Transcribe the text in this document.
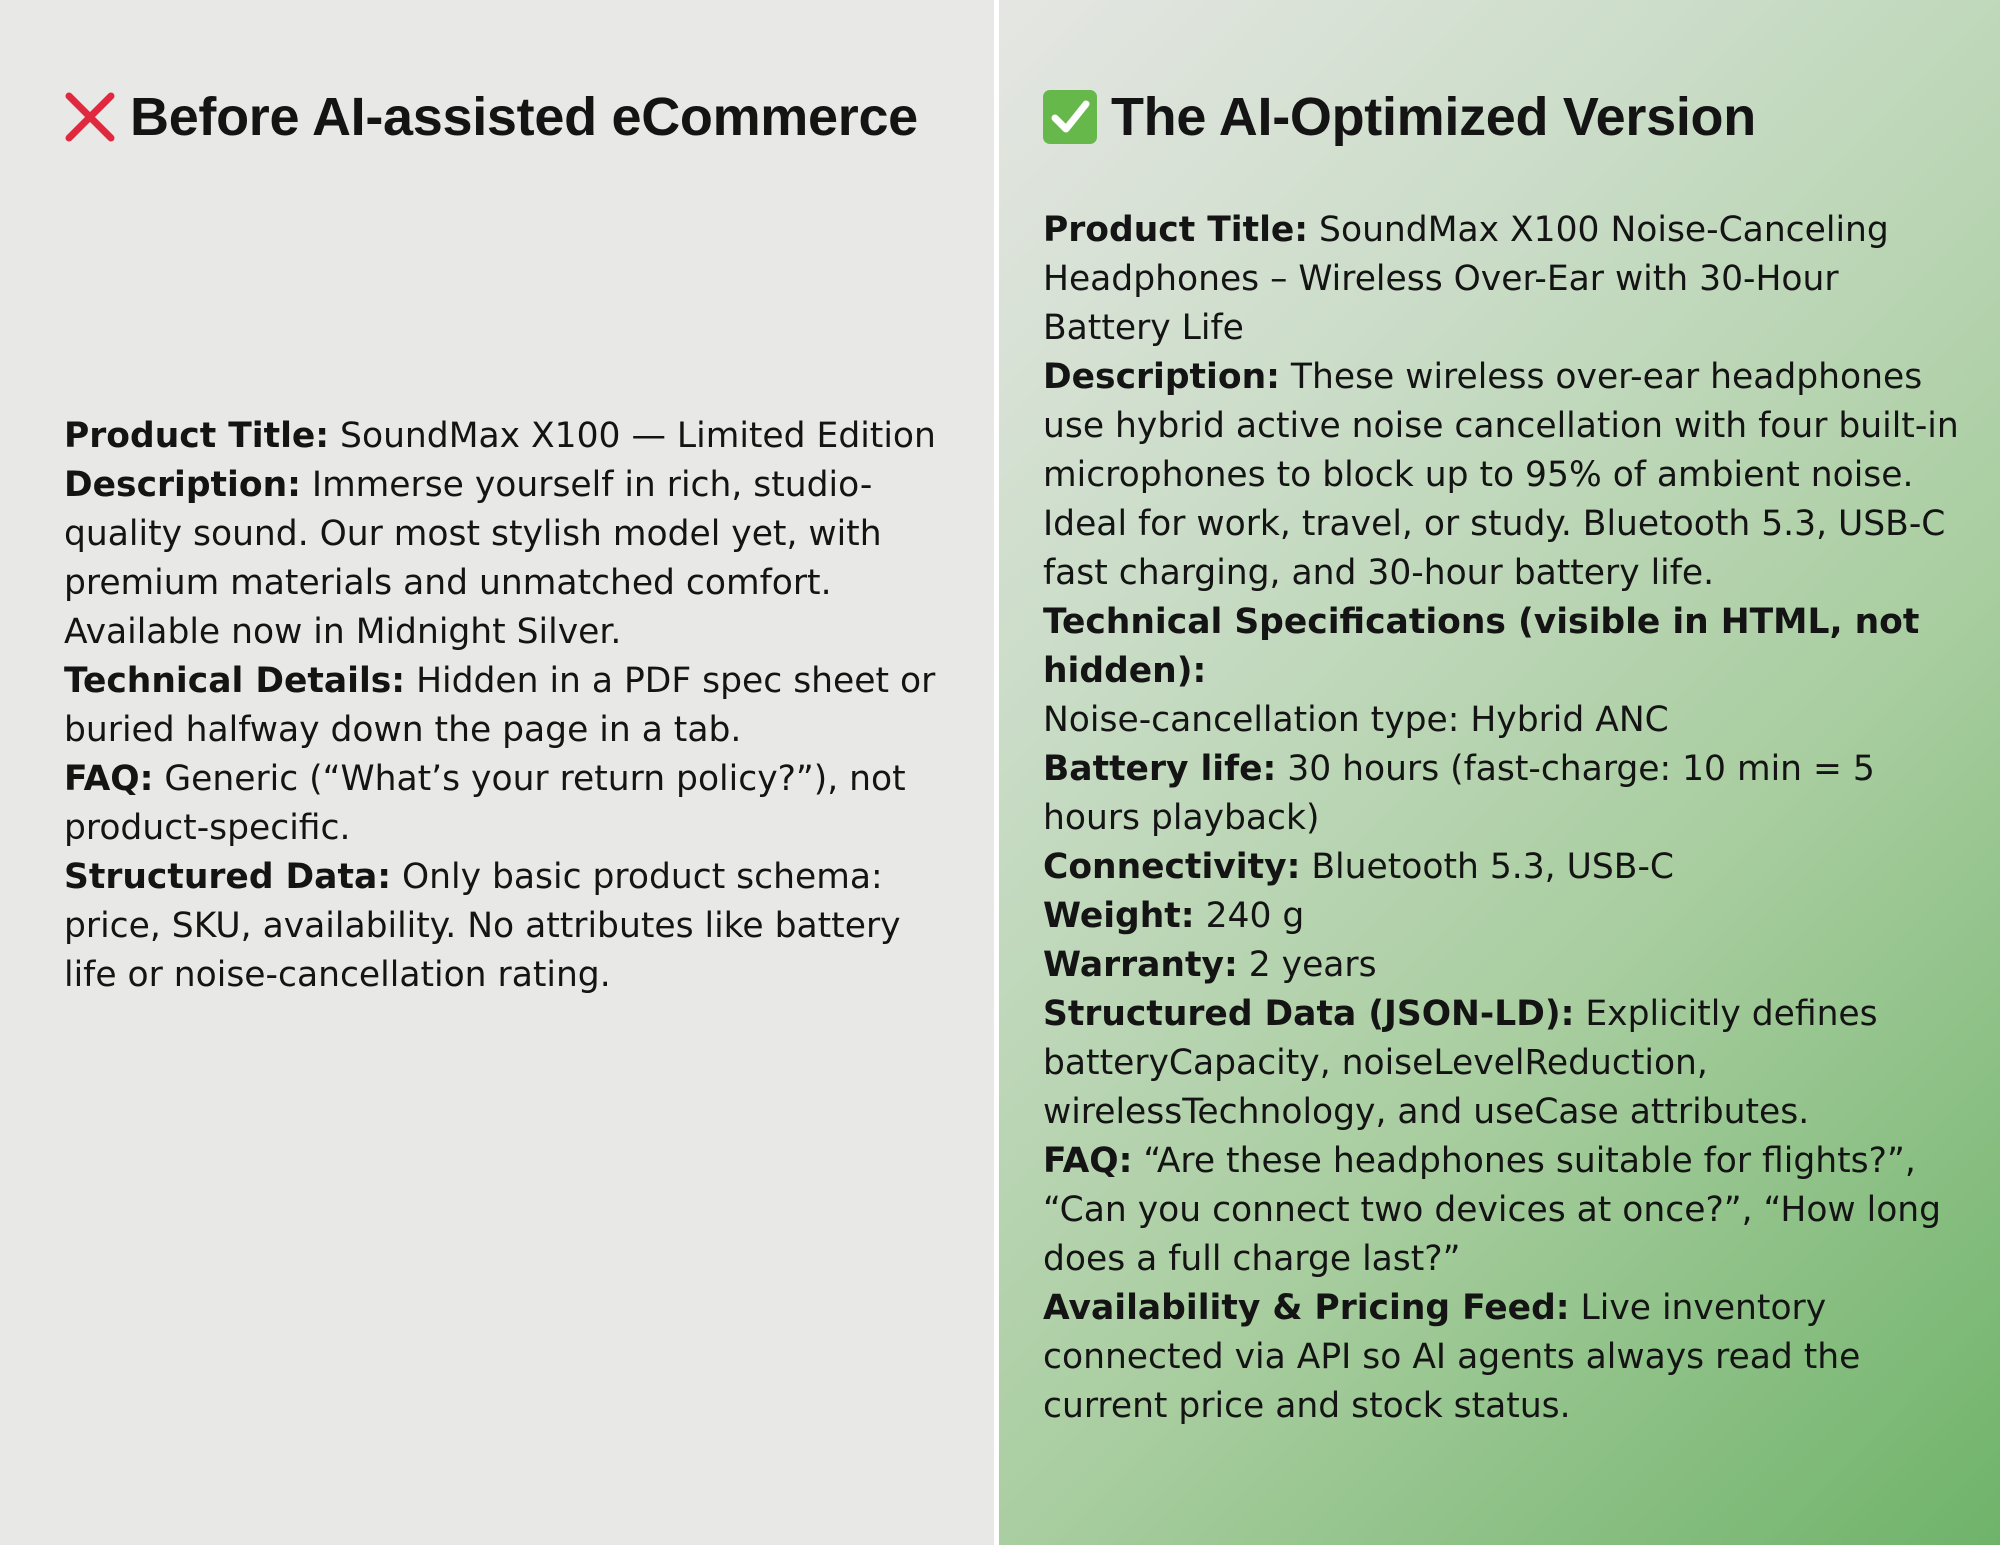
Before AI-assisted eCommerce
Product Title: SoundMax X100 — Limited Edition
Description: Immerse yourself in rich, studio-quality sound. Our most stylish model yet, with premium materials and unmatched comfort. Available now in Midnight Silver.
Technical Details: Hidden in a PDF spec sheet or buried halfway down the page in a tab.
FAQ: Generic (“What’s your return policy?”), not product-specific.
Structured Data: Only basic product schema: price, SKU, availability. No attributes like battery life or noise-cancellation rating.
The AI-Optimized Version
Product Title: SoundMax X100 Noise-Canceling Headphones – Wireless Over-Ear with 30-Hour Battery Life
Description: These wireless over-ear headphones use hybrid active noise cancellation with four built-in microphones to block up to 95% of ambient noise. Ideal for work, travel, or study. Bluetooth 5.3, USB-C fast charging, and 30-hour battery life.
Technical Specifications (visible in HTML, not hidden):
Noise-cancellation type: Hybrid ANC
Battery life: 30 hours (fast-charge: 10 min = 5 hours playback)
Connectivity: Bluetooth 5.3, USB-C
Weight: 240 g
Warranty: 2 years
Structured Data (JSON-LD): Explicitly defines batteryCapacity, noiseLevelReduction, wirelessTechnology, and useCase attributes.
FAQ: “Are these headphones suitable for flights?”, “Can you connect two devices at once?”, “How long does a full charge last?”
Availability & Pricing Feed: Live inventory connected via API so AI agents always read the current price and stock status.
